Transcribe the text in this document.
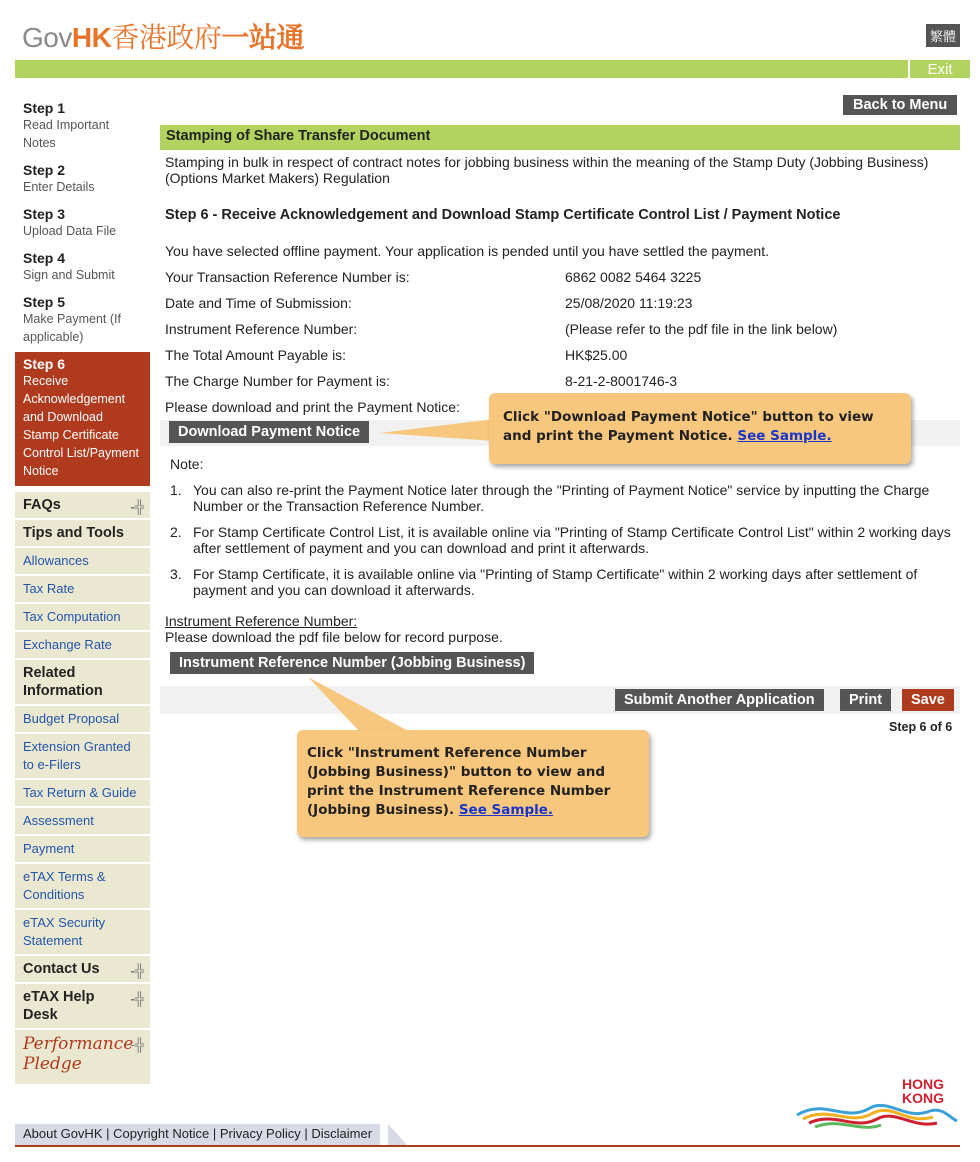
GovHK香港政府一站通	繁體
Exit
Step 1
Read Important Notes
Step 2
Enter Details
Step 3
Upload Data File
Step 4
Sign and Submit
Step 5
Make Payment (If applicable)
Step 6
Receive Acknowledgement and Download Stamp Certificate Control List/Payment Notice
FAQs	-╬
Tips and Tools
Allowances
Tax Rate
Tax Computation
Exchange Rate
Related Information
Budget Proposal
Extension Granted to e-Filers
Tax Return & Guide
Assessment
Payment
eTAX Terms & Conditions
eTAX Security Statement
Contact Us -╬
eTAX Help Desk
-╬
Performance Pledge
-╬
Back to Menu
Stamping of Share Transfer Document
Stamping in bulk in respect of contract notes for jobbing business within the meaning of the Stamp Duty (Jobbing Business) (Options Market Makers) Regulation
Step 6 - Receive Acknowledgement and Download Stamp Certificate Control List / Payment Notice
You have selected offline payment. Your application is pended until you have settled the payment.
Your Transaction Reference Number is:	6862 0082 5464 3225
Date and Time of Submission:	25/08/2020 11:19:23
Instrument Reference Number:	(Please refer to the pdf file in the link below)
The Total Amount Payable is:	HK$25.00
The Charge Number for Payment is:	8-21-2-8001746-3
Please download and print the Payment Notice:
Download Payment Notice
Note:
1. You can also re-print the Payment Notice later through the "Printing of Payment Notice" service by inputting the Charge Number or the Transaction Reference Number.
2. For Stamp Certificate Control List, it is available online via "Printing of Stamp Certificate Control List" within 2 working days after settlement of payment and you can download and print it afterwards.
3. For Stamp Certificate, it is available online via "Printing of Stamp Certificate" within 2 working days after settlement of payment and you can download it afterwards.
Instrument Reference Number:
Please download the pdf file below for record purpose.
Instrument Reference Number (Jobbing Business)
Submit Another Application	Print	Save
Step 6 of 6
Click "Download Payment Notice" button to view and print the Payment Notice. See Sample.
Click "Instrument Reference Number (Jobbing Business)" button to view and print the Instrument Reference Number (Jobbing Business). See Sample.
About GovHK | Copyright Notice | Privacy Policy | Disclaimer
HONG
KONG
